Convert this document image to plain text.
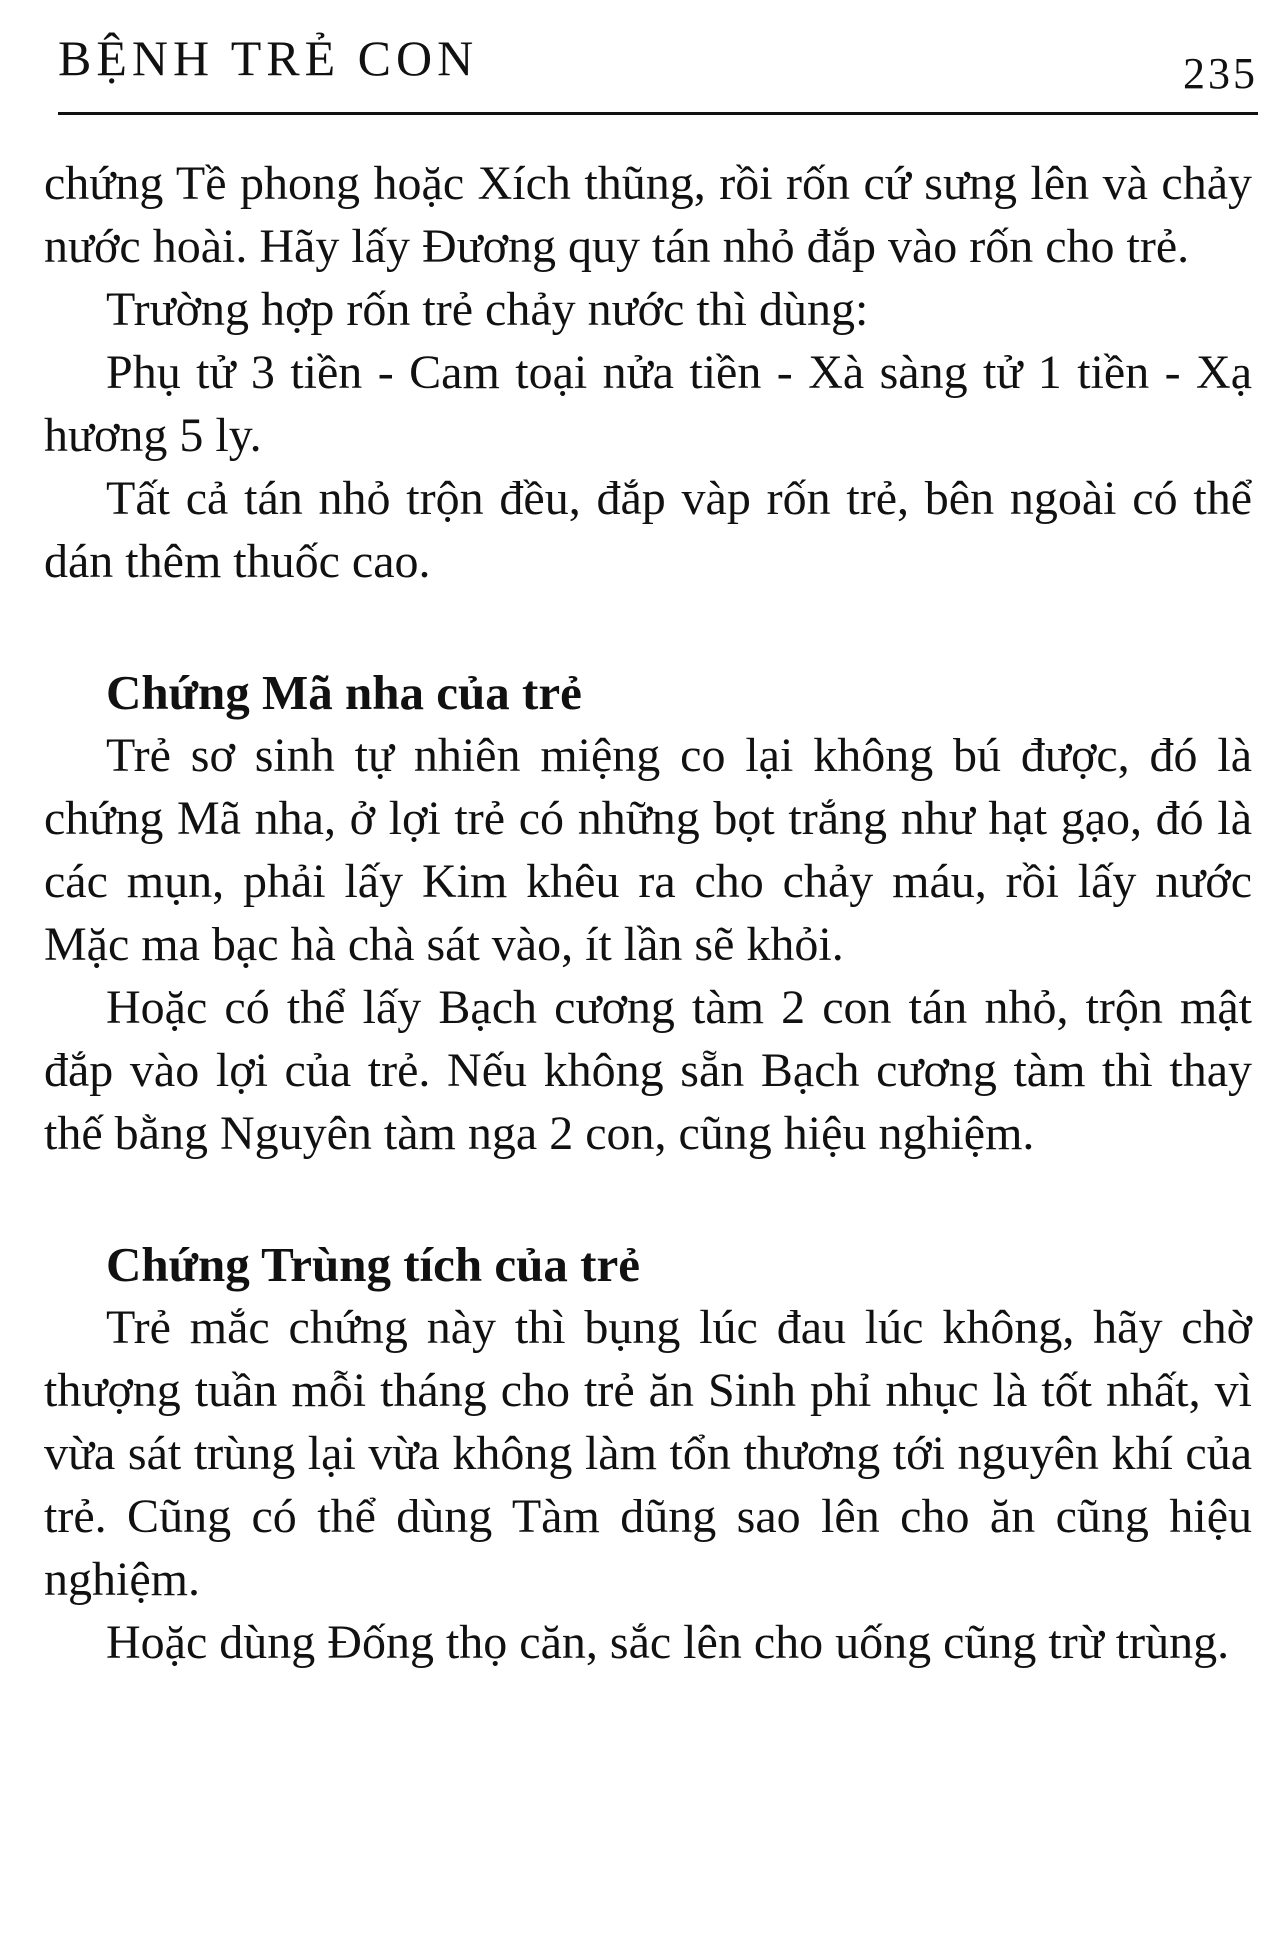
BỆNH TRẺ CON	235

chứng Tề phong hoặc Xích thũng, rồi rốn cứ sưng lên và chảy nước hoài. Hãy lấy Đương quy tán nhỏ đắp vào rốn cho trẻ.

Trường hợp rốn trẻ chảy nước thì dùng:

Phụ tử 3 tiền - Cam toại nửa tiền - Xà sàng tử 1 tiền - Xạ hương 5 ly.

Tất cả tán nhỏ trộn đều, đắp vàp rốn trẻ, bên ngoài có thể dán thêm thuốc cao.

Chứng Mã nha của trẻ

Trẻ sơ sinh tự nhiên miệng co lại không bú được, đó là chứng Mã nha, ở lợi trẻ có những bọt trắng như hạt gạo, đó là các mụn, phải lấy Kim khêu ra cho chảy máu, rồi lấy nước Mặc ma bạc hà chà sát vào, ít lần sẽ khỏi.

Hoặc có thể lấy Bạch cương tàm 2 con tán nhỏ, trộn mật đắp vào lợi của trẻ. Nếu không sẵn Bạch cương tàm thì thay thế bằng Nguyên tàm nga 2 con, cũng hiệu nghiệm.

Chứng Trùng tích của trẻ

Trẻ mắc chứng này thì bụng lúc đau lúc không, hãy chờ thượng tuần mỗi tháng cho trẻ ăn Sinh phỉ nhục là tốt nhất, vì vừa sát trùng lại vừa không làm tổn thương tới nguyên khí của trẻ. Cũng có thể dùng Tàm dũng sao lên cho ăn cũng hiệu nghiệm.

Hoặc dùng Đống thọ căn, sắc lên cho uống cũng trừ trùng.
